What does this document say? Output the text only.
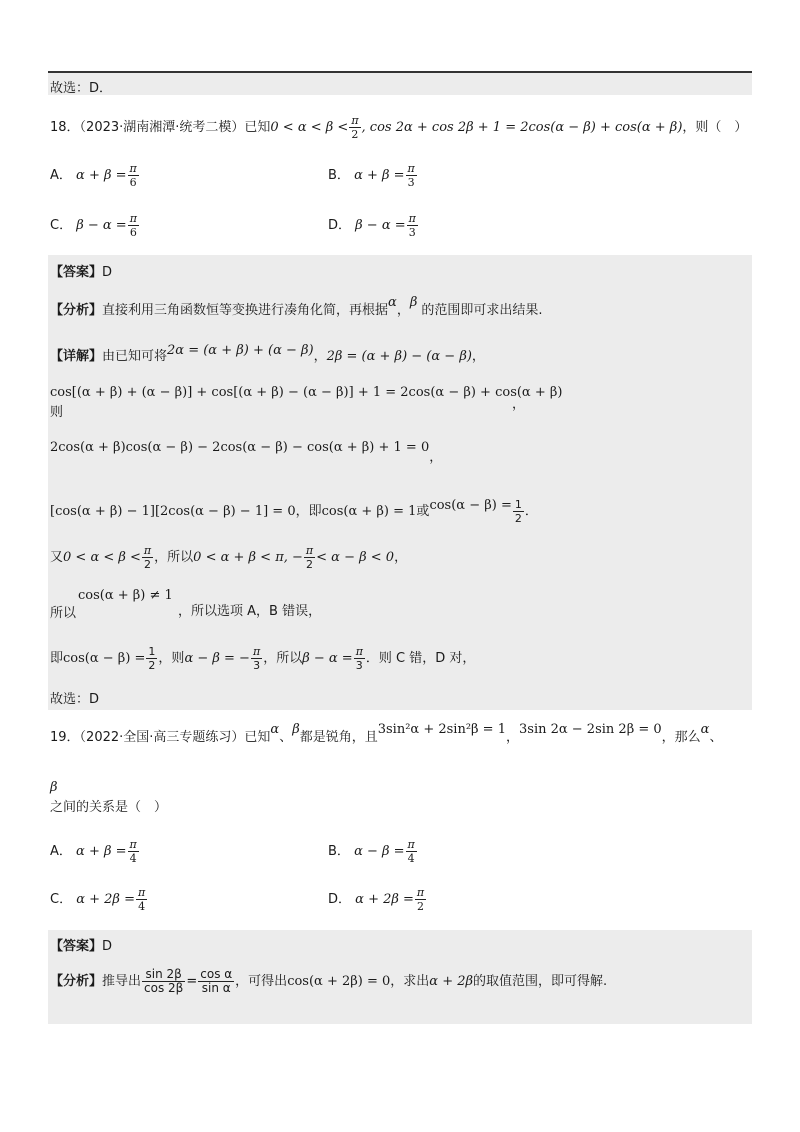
故选：D．
18．（2023·湖南湘潭·统考二模）已知$0 < \alpha < \beta < \frac{\pi}{2}$ , cos 2α + cos 2β + 1 = 2cos(α − β) + cos(α + β)，则（　）
A． $\alpha + \beta = \frac{\pi}{6}$	B． $\alpha + \beta = \frac{\pi}{3}$
C． $\beta - \alpha = \frac{\pi}{6}$	D． $\beta - \alpha = \frac{\pi}{3}$
【答案】D
【分析】直接利用三角函数恒等变换进行凑角化简，再根据α，β的范围即可求出结果.
【详解】由已知可将2α = (α + β) + (α − β)，2β = (α + β) − (α − β)，
cos[(α + β) + (α − β)] + cos[(α + β) − (α − β)] + 1 = 2cos(α − β) + cos(α + β)
则
，
2cos(α + β)cos(α − β) − 2cos(α − β) − cos(α + β) + 1 = 0，
[cos(α + β) − 1][2cos(α − β) − 1] = 0，即cos(α + β) = 1或$\cos(\alpha - \beta) = \frac{1}{2}$ ．
又$0 < \alpha < \beta < \frac{\pi}{2}$ ，所以0 < α + β < π, − $\frac{\pi}{2} < \alpha - \beta < 0$，
所以
cos(α + β) ≠ 1
，所以选项 A，B 错误，
即$\cos(\alpha - \beta) = \frac{1}{2}$ ，则α − β = − $\frac{\pi}{3}$ ，所以$\beta - \alpha = \frac{\pi}{3}$ ．则 C 错，D 对，
故选：D
19．（2022·全国·高三专题练习）已知α、β都是锐角，且3sin²α + 2sin²β = 1，3sin 2α − 2sin 2β = 0，那么α、
β
之间的关系是（　）
A． $\alpha + \beta = \frac{\pi}{4}$	B． $\alpha - \beta = \frac{\pi}{4}$
C． $\alpha + 2\beta = \frac{\pi}{4}$	D． $\alpha + 2\beta = \frac{\pi}{2}$
【答案】D
【分析】推导出 $\frac{\sin 2\beta}{\cos 2\beta} = \frac{\text{cos α}}{\text{sin α}}$ ，可得出cos(α + 2β) = 0，求出α + 2β的取值范围，即可得解.
